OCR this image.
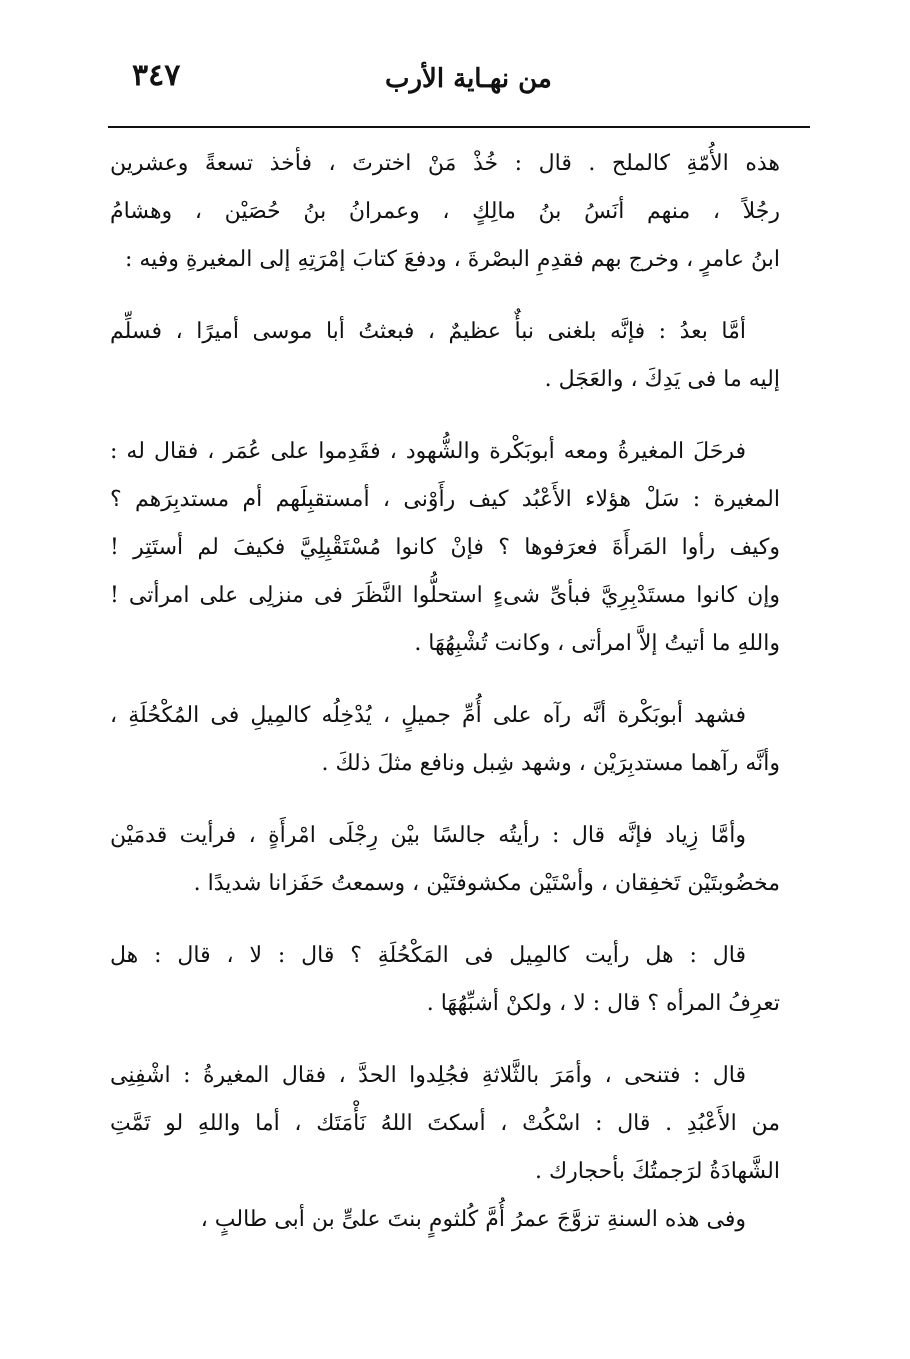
٣٤٧	من نهـاية الأرب
هذه الأُمّةِ كالملح . قال : خُذْ مَنْ اخترتَ ، فأخذ تسعةً وعشرين
رجُلاً ، منهم أنَسُ بنُ مالِكٍ ، وعمرانُ بنُ حُصَيْن ، وهشامُ
ابنُ عامرٍ ، وخرج بهم فقدِمِ البصْرةَ ، ودفعَ كتابَ إمْرَتِهِ إلى المغيرةِ وفيه :
أمَّا بعدُ : فإنَّه بلغنى نبأٌ عظيمٌ ، فبعثتُ أبا موسى أميرًا ، فسلِّم
إليه ما فى يَدِكَ ، والعَجَل .
فرحَلَ المغيرةُ ومعه أبوبَكْرة والشُّهود ، فقَدِموا على عُمَر ، فقال له :
المغيرة : سَلْ هؤلاء الأَعْبُد كيف رأَوْنى ، أمستقبِلَهم أم مستدبِرَهم ؟
وكيف رأوا المَرأَةَ فعرَفوها ؟ فإنْ كانوا مُسْتَقْبِلِيَّ فكيفَ لم أستَتِر !
وإن كانوا مستَدْبِرِيَّ فبأىِّ شىءٍ استحلُّوا النَّظَرَ فى منزلِى على امرأتى !
واللهِ ما أتيتُ إلاَّ امرأتى ، وكانت تُشْبِهُهَا .
فشهد أبوبَكْرة أنَّه رآه على أُمِّ جميلٍ ، يُدْخِلُه كالمِيلِ فى المُكْحُلَةِ ،
وأنَّه رآهما مستدبِرَيْن ، وشهد شِبل ونافع مثلَ ذلكَ .
وأمَّا زِياد فإنَّه قال : رأيتُه جالسًا بيْن رِجْلَى امْرأَةٍ ، فرأيت قدمَيْن
مخضُوبتَيْن تَخفِقان ، وأسْتَيْن مكشوفتَيْن ، وسمعتُ حَفَزانا شديدًا .
قال : هل رأيت كالمِيل فى المَكْحُلَةِ ؟ قال : لا ، قال : هل
تعرِفُ المرأه ؟ قال : لا ، ولكنْ أشبِّهُهَا .
قال : فتنحى ، وأمَرَ بالثَّلاثةِ فجُلِدوا الحدَّ ، فقال المغيرةُ : اشْفِنِى
من الأَعْبُدِ . قال : اسْكُتْ ، أسكتَ اللهُ نَأْمَتَك ، أما واللهِ لو تَمَّتِ
الشَّهادَةُ لرَجمتُكَ بأحجارك .
وفى هذه السنةِ تزوَّجَ عمرُ أُمَّ كُلثومٍ بنتَ علىٍّ بن أبى طالبٍ ،
